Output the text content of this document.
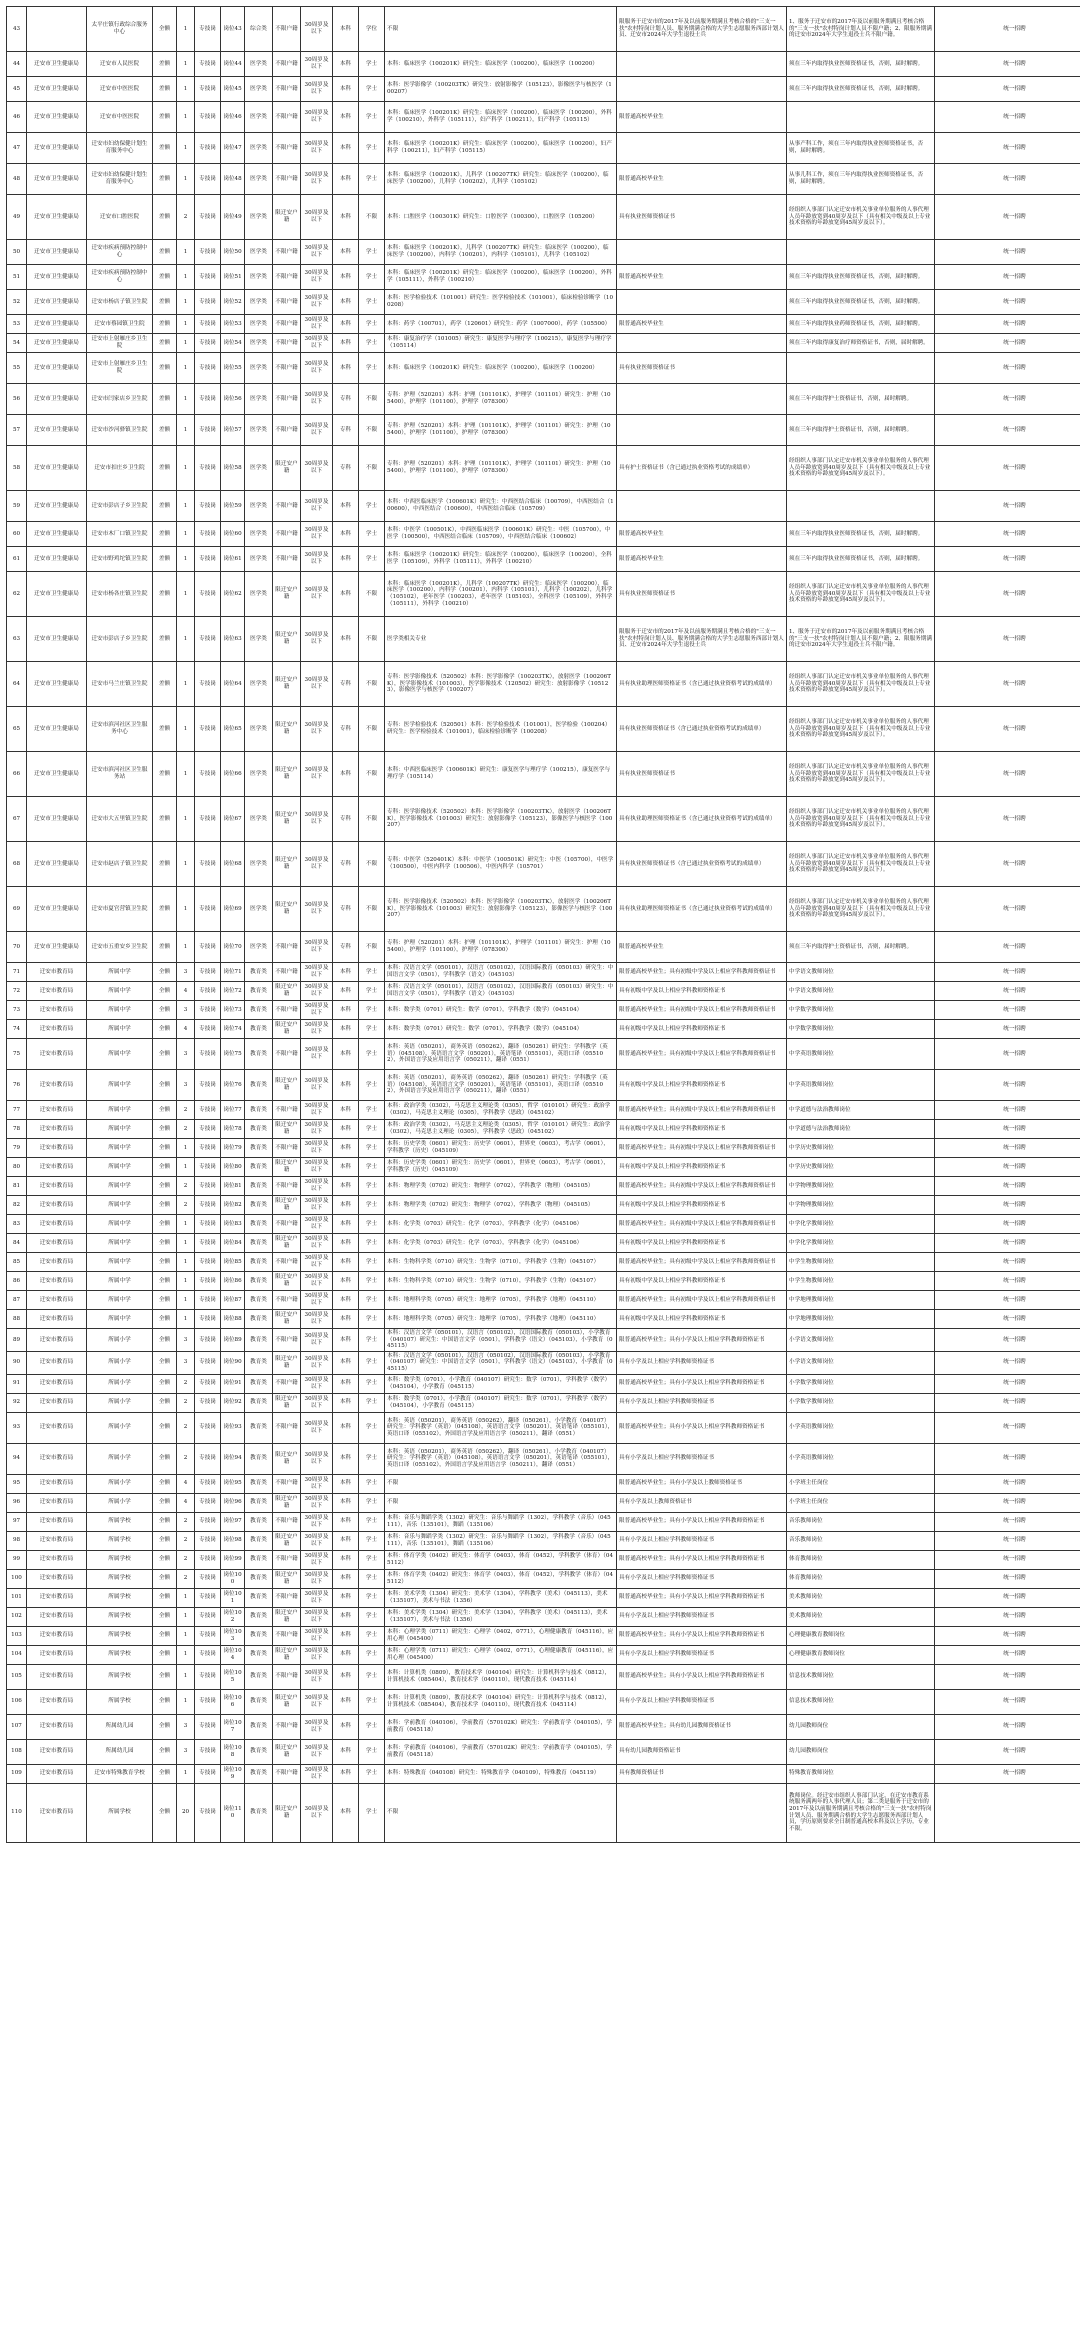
43		太平庄镇行政综合服务中心	全额	1	专技岗	岗位43	综合类	不限户籍	30周岁及以下	本科	学位	不限	限服务于迁安市的2017年及以前服务期满且考核合格的"三支一扶"农村特岗计划人员、服务期满合格的大学生志愿服务西部计划人员、迁安市2024年大学生退役士兵	1、服务于迁安市的2017年及以前服务期满且考核合格的"三支一扶"农村特岗计划人员不限户籍；2、限服务期满的迁安市2024年大学生退役士兵不限户籍。	统一招聘
44	迁安市卫生健康局	迁安市人民医院	差额	1	专技岗	岗位44	医学类	不限户籍	30周岁及以下	本科	学士	本科：临床医学（100201K）研究生：临床医学（100200），临床医学（100200）		须在三年内取得执业医师资格证书，否则，届时解聘。	统一招聘
45	迁安市卫生健康局	迁安市中医医院	差额	1	专技岗	岗位45	医学类	不限户籍	30周岁及以下	本科	学士	本科：医学影像学（100203TK）研究生：放射影像学（105123），影像医学与核医学（100207）		须在三年内取得执业医师资格证书，否则，届时解聘。	统一招聘
46	迁安市卫生健康局	迁安市中医医院	差额	1	专技岗	岗位46	医学类	不限户籍	30周岁及以下	本科	学士	本科：临床医学（100201K）研究生：临床医学（100200），临床医学（100200），外科学（100210），外科学（105111），妇产科学（100211），妇产科学（105115）	限普通高校毕业生		统一招聘
47	迁安市卫生健康局	迁安市妇幼保健计划生育服务中心	差额	1	专技岗	岗位47	医学类	不限户籍	30周岁及以下	本科	学士	本科：临床医学（100201K）研究生：临床医学（100200），临床医学（100200），妇产科学（100211），妇产科学（105115）		从事产科工作，须在三年内取得执业医师资格证书，否则，届时解聘。	统一招聘
48	迁安市卫生健康局	迁安市妇幼保健计划生育服务中心	差额	1	专技岗	岗位48	医学类	不限户籍	30周岁及以下	本科	学士	本科：临床医学（100201K），儿科学（100207TK）研究生：临床医学（100200），临床医学（100200），儿科学（100202），儿科学（105102）	限普通高校毕业生	从事儿科工作，须在三年内取得执业医师资格证书，否则，届时解聘。	统一招聘
49	迁安市卫生健康局	迁安市口腔医院	差额	2	专技岗	岗位49	医学类	限迁安户籍	30周岁及以下	本科	不限	本科：口腔医学（100301K）研究生：口腔医学（100300），口腔医学（105200）	具有执业医师资格证书	经组织人事部门认定迁安市机关事业单位服务的人事代理人员年龄放宽到40周岁及以下（具有相关中级及以上专业技术资格的年龄放宽到45周岁及以下）。	统一招聘
50	迁安市卫生健康局	迁安市疾病预防控制中心	差额	1	专技岗	岗位50	医学类	不限户籍	30周岁及以下	本科	学士	本科：临床医学（100201K），儿科学（100207TK）研究生：临床医学（100200），临床医学（100200），内科学（100201），内科学（105101），儿科学（105102）			统一招聘
51	迁安市卫生健康局	迁安市疾病预防控制中心	差额	1	专技岗	岗位51	医学类	不限户籍	30周岁及以下	本科	学士	本科：临床医学（100201K）研究生：临床医学（100200），临床医学（100200），外科学（105111），外科学（100210）	限普通高校毕业生	须在三年内取得执业医师资格证书，否则，届时解聘。	统一招聘
52	迁安市卫生健康局	迁安市杨店子镇卫生院	差额	1	专技岗	岗位52	医学类	不限户籍	30周岁及以下	本科	学士	本科：医学检验技术（101001）研究生：医学检验技术（101001），临床检验诊断学（100208）		须在三年内取得执业医师资格证书，否则，届时解聘。	统一招聘
53	迁安市卫生健康局	迁安市蔡园镇卫生院	差额	1	专技岗	岗位53	医学类	不限户籍	30周岁及以下	本科	学士	本科：药学（100701），药学（120601）研究生：药学（1007000），药学（105500）	限普通高校毕业生	须在三年内取得执业药师资格证书，否则，届时解聘。	统一招聘
54	迁安市卫生健康局	迁安市上射雁庄乡卫生院	差额	1	专技岗	岗位54	医学类	不限户籍	30周岁及以下	本科	学士	本科：康复治疗学（101005）研究生：康复医学与理疗学（100215），康复医学与理疗学（105114）		须在三年内取得康复治疗师资格证书，否则，届时解聘。	统一招聘
55	迁安市卫生健康局	迁安市上射雁庄乡卫生院	差额	1	专技岗	岗位55	医学类	不限户籍	30周岁及以下	本科	学士	本科：临床医学（100201K）研究生：临床医学（100200），临床医学（100200）	具有执业医师资格证书		统一招聘
56	迁安市卫生健康局	迁安市闫家店乡卫生院	差额	1	专技岗	岗位56	医学类	不限户籍	30周岁及以下	专科	不限	专科：护理（520201）本科：护理（101101K），护理学（101101）研究生：护理（105400），护理学（101100），护理学（078300）		须在三年内取得护士资格证书，否则，届时解聘。	统一招聘
57	迁安市卫生健康局	迁安市沙河驿镇卫生院	差额	1	专技岗	岗位57	医学类	不限户籍	30周岁及以下	专科	不限	专科：护理（520201）本科：护理（101101K），护理学（101101）研究生：护理（105400），护理学（101100），护理学（078300）		须在三年内取得护士资格证书，否则，届时解聘。	统一招聘
58	迁安市卫生健康局	迁安市扣庄乡卫生院	差额	1	专技岗	岗位58	医学类	限迁安户籍	30周岁及以下	专科	不限	专科：护理（520201）本科：护理（101101K），护理学（101101）研究生：护理（105400），护理学（101100），护理学（078300）	具有护士资格证书（含已通过执业资格考试的成绩单）	经组织人事部门认定迁安市机关事业单位服务的人事代理人员年龄放宽到40周岁及以下（具有相关中级及以上专业技术资格的年龄放宽到45周岁及以下）。	统一招聘
59	迁安市卫生健康局	迁安市彭店子乡卫生院	差额	1	专技岗	岗位59	医学类	不限户籍	30周岁及以下	本科	学士	本科：中西医临床医学（100601K）研究生：中西医结合临床（100709），中西医结合（100600），中西医结合（100600），中西医结合临床（105709）			统一招聘
60	迁安市卫生健康局	迁安市木厂口镇卫生院	差额	1	专技岗	岗位60	医学类	不限户籍	30周岁及以下	本科	学士	本科：中医学（100501K），中西医临床医学（100601K）研究生：中医（105700），中医学（100500），中西医结合临床（105709），中西医结合临床（100602）	限普通高校毕业生	须在三年内取得执业医师资格证书，否则，届时解聘。	统一招聘
61	迁安市卫生健康局	迁安市野鸡坨镇卫生院	差额	1	专技岗	岗位61	医学类	不限户籍	30周岁及以下	本科	学士	本科：临床医学（100201K）研究生：临床医学（100200），临床医学（100200），全科医学（105109），外科学（105111），外科学（100210）	限普通高校毕业生	须在三年内取得执业医师资格证书，否则，届时解聘。	统一招聘
62	迁安市卫生健康局	迁安市杨各庄镇卫生院	差额	1	专技岗	岗位62	医学类	限迁安户籍	30周岁及以下	本科	不限	本科：临床医学（100201K），儿科学（100207TK）研究生：临床医学（100200），临床医学（100200），内科学（100201），内科学（105101），儿科学（100202），儿科学（105102），老年医学（100203），老年医学（105103），全科医学（105109），外科学（105111），外科学（100210）	具有执业医师资格证书	经组织人事部门认定迁安市机关事业单位服务的人事代理人员年龄放宽到40周岁及以下（具有相关中级及以上专业技术资格的年龄放宽到45周岁及以下）。	统一招聘
63	迁安市卫生健康局	迁安市彭店子乡卫生院	差额	1	专技岗	岗位63	医学类	限迁安户籍	30周岁及以下	本科	不限	医学类相关专业	限服务于迁安市的2017年及以前服务期满且考核合格的"三支一扶"农村特岗计划人员、服务期满合格的大学生志愿服务西部计划人员、迁安市2024年大学生退役士兵	1、服务于迁安市的2017年及以前服务期满且考核合格的"三支一扶"农村特岗计划人员不限户籍；2、限服务期满的迁安市2024年大学生退役士兵不限户籍。	统一招聘
64	迁安市卫生健康局	迁安市马兰庄镇卫生院	差额	1	专技岗	岗位64	医学类	限迁安户籍	30周岁及以下	专科	不限	专科：医学影像技术（520502）本科：医学影像学（100203TK），放射医学（100206TK），医学影像技术（101003），医学影像技术（120502）研究生：放射影像学（105123），影像医学与核医学（100207）	具有执业助理医师资格证书（含已通过执业资格考试的成绩单）	经组织人事部门认定迁安市机关事业单位服务的人事代理人员年龄放宽到40周岁及以下（具有相关中级及以上专业技术资格的年龄放宽到45周岁及以下）。	统一招聘
65	迁安市卫生健康局	迁安市滨河社区卫生服务中心	差额	1	专技岗	岗位65	医学类	限迁安户籍	30周岁及以下	专科	不限	专科：医学检验技术（520501）本科：医学检验技术（101001），医学检验（100204）研究生：医学检验技术（101001），临床检验诊断学（100208）	具有执业医师资格证书（含已通过执业资格考试的成绩单）	经组织人事部门认定迁安市机关事业单位服务的人事代理人员年龄放宽到40周岁及以下（具有相关中级及以上专业技术资格的年龄放宽到45周岁及以下）。	统一招聘
66	迁安市卫生健康局	迁安市滨河社区卫生服务站	差额	1	专技岗	岗位66	医学类	限迁安户籍	30周岁及以下	本科	不限	本科：中西医临床医学（100601K）研究生：康复医学与理疗学（100215），康复医学与理疗学（105114）	具有执业医师资格证书	经组织人事部门认定迁安市机关事业单位服务的人事代理人员年龄放宽到40周岁及以下（具有相关中级及以上专业技术资格的年龄放宽到45周岁及以下）。	统一招聘
67	迁安市卫生健康局	迁安市大五里镇卫生院	差额	1	专技岗	岗位67	医学类	限迁安户籍	30周岁及以下	专科	不限	专科：医学影像技术（520502）本科：医学影像学（100203TK），放射医学（100206TK），医学影像技术（101003）研究生：放射影像学（105123），影像医学与核医学（100207）	具有执业助理医师资格证书（含已通过执业资格考试的成绩单）	经组织人事部门认定迁安市机关事业单位服务的人事代理人员年龄放宽到40周岁及以下（具有相关中级及以上专业技术资格的年龄放宽到45周岁及以下）。	统一招聘
68	迁安市卫生健康局	迁安市赵店子镇卫生院	差额	1	专技岗	岗位68	医学类	限迁安户籍	30周岁及以下	专科	不限	专科：中医学（520401K）本科：中医学（100501K）研究生：中医（105700），中医学（100500），中医内科学（100506），中医内科学（105701）	具有执业医师资格证书（含已通过执业资格考试的成绩单）	经组织人事部门认定迁安市机关事业单位服务的人事代理人员年龄放宽到40周岁及以下（具有相关中级及以上专业技术资格的年龄放宽到45周岁及以下）。	统一招聘
69	迁安市卫生健康局	迁安市夏官营镇卫生院	差额	1	专技岗	岗位69	医学类	限迁安户籍	30周岁及以下	专科	不限	专科：医学影像技术（520502）本科：医学影像学（100203TK），放射医学（100206TK），医学影像技术（101003）研究生：放射影像学（105123），影像医学与核医学（100207）	具有执业助理医师资格证书（含已通过执业资格考试的成绩单）	经组织人事部门认定迁安市机关事业单位服务的人事代理人员年龄放宽到40周岁及以下（具有相关中级及以上专业技术资格的年龄放宽到45周岁及以下）。	统一招聘
70	迁安市卫生健康局	迁安市五重安乡卫生院	差额	1	专技岗	岗位70	医学类	不限户籍	30周岁及以下	专科	不限	专科：护理（520201）本科：护理（101101K），护理学（101101）研究生：护理（105400），护理学（101100），护理学（078300）	限普通高校毕业生	须在三年内取得护士资格证书，否则，届时解聘。	统一招聘
71	迁安市教育局	所属中学	全额	3	专技岗	岗位71	教育类	不限户籍	30周岁及以下	本科	学士	本科：汉语言文学（050101），汉语言（050102），汉语国际教育（050103）研究生：中国语言文学（0501），学科教学（语文）（045103）	限普通高校毕业生；具有初级中学及以上相应学科教师资格证书	中学语文教师岗位	统一招聘
72	迁安市教育局	所属中学	全额	4	专技岗	岗位72	教育类	限迁安户籍	30周岁及以下	本科	学士	本科：汉语言文学（050101），汉语言（050102），汉语国际教育（050103）研究生：中国语言文学（0501），学科教学（语文）（045103）	具有初级中学及以上相应学科教师资格证书	中学语文教师岗位	统一招聘
73	迁安市教育局	所属中学	全额	3	专技岗	岗位73	教育类	不限户籍	30周岁及以下	本科	学士	本科：数学类（0701）研究生：数学（0701），学科教学（数学）（045104）	限普通高校毕业生；具有初级中学及以上相应学科教师资格证书	中学数学教师岗位	统一招聘
74	迁安市教育局	所属中学	全额	4	专技岗	岗位74	教育类	限迁安户籍	30周岁及以下	本科	学士	本科：数学类（0701）研究生：数学（0701），学科教学（数学）（045104）	具有初级中学及以上相应学科教师资格证书	中学数学教师岗位	统一招聘
75	迁安市教育局	所属中学	全额	3	专技岗	岗位75	教育类	不限户籍	30周岁及以下	本科	学士	本科：英语（050201），商务英语（050262），翻译（050261）研究生：学科教学（英语）（045108），英语语言文学（050201），英语笔译（055101），英语口译（055102），外国语言学及应用语言学（050211），翻译（0551）	限普通高校毕业生；具有初级中学及以上相应学科教师资格证书	中学英语教师岗位	统一招聘
76	迁安市教育局	所属中学	全额	3	专技岗	岗位76	教育类	限迁安户籍	30周岁及以下	本科	学士	本科：英语（050201），商务英语（050262），翻译（050261）研究生：学科教学（英语）（045108），英语语言文学（050201），英语笔译（055101），英语口译（055102），外国语言学及应用语言学（050211），翻译（0551）	具有初级中学及以上相应学科教师资格证书	中学英语教师岗位	统一招聘
77	迁安市教育局	所属中学	全额	2	专技岗	岗位77	教育类	不限户籍	30周岁及以下	本科	学士	本科：政治学类（0302），马克思主义理论类（0305），哲学（010101）研究生：政治学（0302），马克思主义理论（0305），学科教学（思政）（045102）	限普通高校毕业生；具有初级中学及以上相应学科教师资格证书	中学道德与法治教师岗位	统一招聘
78	迁安市教育局	所属中学	全额	2	专技岗	岗位78	教育类	限迁安户籍	30周岁及以下	本科	学士	本科：政治学类（0302），马克思主义理论类（0305），哲学（010101）研究生：政治学（0302），马克思主义理论（0305），学科教学（思政）（045102）	具有初级中学及以上相应学科教师资格证书	中学道德与法治教师岗位	统一招聘
79	迁安市教育局	所属中学	全额	1	专技岗	岗位79	教育类	不限户籍	30周岁及以下	本科	学士	本科：历史学类（0601）研究生：历史学（0601），世界史（0603），考古学（0601），学科教学（历史）（045109）	限普通高校毕业生；具有初级中学及以上相应学科教师资格证书	中学历史教师岗位	统一招聘
80	迁安市教育局	所属中学	全额	1	专技岗	岗位80	教育类	限迁安户籍	30周岁及以下	本科	学士	本科：历史学类（0601）研究生：历史学（0601），世界史（0603），考古学（0601），学科教学（历史）（045109）	具有初级中学及以上相应学科教师资格证书	中学历史教师岗位	统一招聘
81	迁安市教育局	所属中学	全额	2	专技岗	岗位81	教育类	不限户籍	30周岁及以下	本科	学士	本科：物理学类（0702）研究生：物理学（0702），学科教学（物理）（045105）	限普通高校毕业生；具有初级中学及以上相应学科教师资格证书	中学物理教师岗位	统一招聘
82	迁安市教育局	所属中学	全额	2	专技岗	岗位82	教育类	限迁安户籍	30周岁及以下	本科	学士	本科：物理学类（0702）研究生：物理学（0702），学科教学（物理）（045105）	具有初级中学及以上相应学科教师资格证书	中学物理教师岗位	统一招聘
83	迁安市教育局	所属中学	全额	1	专技岗	岗位83	教育类	不限户籍	30周岁及以下	本科	学士	本科：化学类（0703）研究生：化学（0703），学科教学（化学）（045106）	限普通高校毕业生；具有初级中学及以上相应学科教师资格证书	中学化学教师岗位	统一招聘
84	迁安市教育局	所属中学	全额	1	专技岗	岗位84	教育类	限迁安户籍	30周岁及以下	本科	学士	本科：化学类（0703）研究生：化学（0703），学科教学（化学）（045106）	具有初级中学及以上相应学科教师资格证书	中学化学教师岗位	统一招聘
85	迁安市教育局	所属中学	全额	1	专技岗	岗位85	教育类	不限户籍	30周岁及以下	本科	学士	本科：生物科学类（0710）研究生：生物学（0710），学科教学（生物）（045107）	限普通高校毕业生；具有初级中学及以上相应学科教师资格证书	中学生物教师岗位	统一招聘
86	迁安市教育局	所属中学	全额	1	专技岗	岗位86	教育类	限迁安户籍	30周岁及以下	本科	学士	本科：生物科学类（0710）研究生：生物学（0710），学科教学（生物）（045107）	具有初级中学及以上相应学科教师资格证书	中学生物教师岗位	统一招聘
87	迁安市教育局	所属中学	全额	1	专技岗	岗位87	教育类	不限户籍	30周岁及以下	本科	学士	本科：地理科学类（0705）研究生：地理学（0705），学科教学（地理）（045110）	限普通高校毕业生；具有初级中学及以上相应学科教师资格证书	中学地理教师岗位	统一招聘
88	迁安市教育局	所属中学	全额	1	专技岗	岗位88	教育类	限迁安户籍	30周岁及以下	本科	学士	本科：地理科学类（0705）研究生：地理学（0705），学科教学（地理）（045110）	具有初级中学及以上相应学科教师资格证书	中学地理教师岗位	统一招聘
89	迁安市教育局	所属小学	全额	3	专技岗	岗位89	教育类	不限户籍	30周岁及以下	本科	学士	本科：汉语言文学（050101），汉语言（050102），汉语国际教育（050103），小学教育（040107）研究生：中国语言文学（0501），学科教学（语文）（045103），小学教育（045115）	限普通高校毕业生；具有小学及以上相应学科教师资格证书	小学语文教师岗位	统一招聘
90	迁安市教育局	所属小学	全额	3	专技岗	岗位90	教育类	限迁安户籍	30周岁及以下	本科	学士	本科：汉语言文学（050101），汉语言（050102），汉语国际教育（050103），小学教育（040107）研究生：中国语言文学（0501），学科教学（语文）（045103），小学教育（045115）	具有小学及以上相应学科教师资格证书	小学语文教师岗位	统一招聘
91	迁安市教育局	所属小学	全额	2	专技岗	岗位91	教育类	不限户籍	30周岁及以下	本科	学士	本科：数学类（0701），小学教育（040107）研究生：数学（0701），学科教学（数学）（045104），小学教育（045115）	限普通高校毕业生；具有小学及以上相应学科教师资格证书	小学数学教师岗位	统一招聘
92	迁安市教育局	所属小学	全额	2	专技岗	岗位92	教育类	限迁安户籍	30周岁及以下	本科	学士	本科：数学类（0701），小学教育（040107）研究生：数学（0701），学科教学（数学）（045104），小学教育（045115）	具有小学及以上相应学科教师资格证书	小学数学教师岗位	统一招聘
93	迁安市教育局	所属小学	全额	2	专技岗	岗位93	教育类	不限户籍	30周岁及以下	本科	学士	本科：英语（050201），商务英语（050262），翻译（050261），小学教育（040107）研究生：学科教学（英语）（045108），英语语言文学（050201），英语笔译（055101），英语口译（055102），外国语言学及应用语言学（050211），翻译（0551）	限普通高校毕业生；具有小学及以上相应学科教师资格证书	小学英语教师岗位	统一招聘
94	迁安市教育局	所属小学	全额	2	专技岗	岗位94	教育类	限迁安户籍	30周岁及以下	本科	学士	本科：英语（050201），商务英语（050262），翻译（050261），小学教育（040107）研究生：学科教学（英语）（045108），英语语言文学（050201），英语笔译（055101），英语口译（055102），外国语言学及应用语言学（050211），翻译（0551）	具有小学及以上相应学科教师资格证书	小学英语教师岗位	统一招聘
95	迁安市教育局	所属小学	全额	4	专技岗	岗位95	教育类	不限户籍	30周岁及以下	本科	学士	不限	限普通高校毕业生；具有小学及以上教师资格证书	小学班主任岗位	统一招聘
96	迁安市教育局	所属小学	全额	4	专技岗	岗位96	教育类	限迁安户籍	30周岁及以下	本科	学士	不限	具有小学及以上教师资格证书	小学班主任岗位	统一招聘
97	迁安市教育局	所属学校	全额	2	专技岗	岗位97	教育类	不限户籍	30周岁及以下	本科	学士	本科：音乐与舞蹈学类（1302）研究生：音乐与舞蹈学（1302），学科教学（音乐）（045111），音乐（135101），舞蹈（135106）	限普通高校毕业生；具有小学及以上相应学科教师资格证书	音乐教师岗位	统一招聘
98	迁安市教育局	所属学校	全额	2	专技岗	岗位98	教育类	限迁安户籍	30周岁及以下	本科	学士	本科：音乐与舞蹈学类（1302）研究生：音乐与舞蹈学（1302），学科教学（音乐）（045111），音乐（135101），舞蹈（135106）	具有小学及以上相应学科教师资格证书	音乐教师岗位	统一招聘
99	迁安市教育局	所属学校	全额	2	专技岗	岗位99	教育类	不限户籍	30周岁及以下	本科	学士	本科：体育学类（0402）研究生：体育学（0403），体育（0452），学科教学（体育）（045112）	限普通高校毕业生；具有小学及以上相应学科教师资格证书	体育教师岗位	统一招聘
100	迁安市教育局	所属学校	全额	2	专技岗	岗位100	教育类	限迁安户籍	30周岁及以下	本科	学士	本科：体育学类（0402）研究生：体育学（0403），体育（0452），学科教学（体育）（045112）	具有小学及以上相应学科教师资格证书	体育教师岗位	统一招聘
101	迁安市教育局	所属学校	全额	1	专技岗	岗位101	教育类	不限户籍	30周岁及以下	本科	学士	本科：美术学类（1304）研究生：美术学（1304），学科教学（美术）（045113），美术（135107），美术与书法（1356）	限普通高校毕业生；具有小学及以上相应学科教师资格证书	美术教师岗位	统一招聘
102	迁安市教育局	所属学校	全额	1	专技岗	岗位102	教育类	限迁安户籍	30周岁及以下	本科	学士	本科：美术学类（1304）研究生：美术学（1304），学科教学（美术）（045113），美术（135107），美术与书法（1356）	具有小学及以上相应学科教师资格证书	美术教师岗位	统一招聘
103	迁安市教育局	所属学校	全额	1	专技岗	岗位103	教育类	不限户籍	30周岁及以下	本科	学士	本科：心理学类（0711）研究生：心理学（0402，0771），心理健康教育（045116），应用心理（045400）	限普通高校毕业生；具有小学及以上相应学科教师资格证书	心理健康教育教师岗位	统一招聘
104	迁安市教育局	所属学校	全额	1	专技岗	岗位104	教育类	限迁安户籍	30周岁及以下	本科	学士	本科：心理学类（0711）研究生：心理学（0402，0771），心理健康教育（045116），应用心理（045400）	具有小学及以上相应学科教师资格证书	心理健康教育教师岗位	统一招聘
105	迁安市教育局	所属学校	全额	1	专技岗	岗位105	教育类	不限户籍	30周岁及以下	本科	学士	本科：计算机类（0809），教育技术学（040104）研究生：计算机科学与技术（0812），计算机技术（085404），教育技术学（040110），现代教育技术（045114）	限普通高校毕业生；具有小学及以上相应学科教师资格证书	信息技术教师岗位	统一招聘
106	迁安市教育局	所属学校	全额	1	专技岗	岗位106	教育类	限迁安户籍	30周岁及以下	本科	学士	本科：计算机类（0809），教育技术学（040104）研究生：计算机科学与技术（0812），计算机技术（085404），教育技术学（040110），现代教育技术（045114）	具有小学及以上相应学科教师资格证书	信息技术教师岗位	统一招聘
107	迁安市教育局	所属幼儿园	全额	3	专技岗	岗位107	教育类	不限户籍	30周岁及以下	本科	学士	本科：学前教育（040106），学前教育（570102K）研究生：学前教育学（040105），学前教育（045118）	限普通高校毕业生；具有幼儿园教师资格证书	幼儿园教师岗位	统一招聘
108	迁安市教育局	所属幼儿园	全额	3	专技岗	岗位108	教育类	限迁安户籍	30周岁及以下	本科	学士	本科：学前教育（040106），学前教育（570102K）研究生：学前教育学（040105），学前教育（045118）	具有幼儿园教师资格证书	幼儿园教师岗位	统一招聘
109	迁安市教育局	迁安市特殊教育学校	全额	1	专技岗	岗位109	教育类	不限户籍	30周岁及以下	本科	学士	本科：特殊教育（040108）研究生：特殊教育学（040109），特殊教育（045119）	具有教师资格证书	特殊教育教师岗位	统一招聘
110	迁安市教育局	所属学校	全额	20	专技岗	岗位110	教育类	限迁安户籍	30周岁及以下	本科	学士	不限		教师岗位。经迁安市组织人事部门认定，在迁安市教育系统服务满两年的人事代理人员；第二类是服务于迁安市的2017年及以前服务期满且考核合格的"三支一扶"农村特岗计划人员、服务期满合格的大学生志愿服务西部计划人员，学历原则要求全日制普通高校本科及以上学历，专业不限。	
